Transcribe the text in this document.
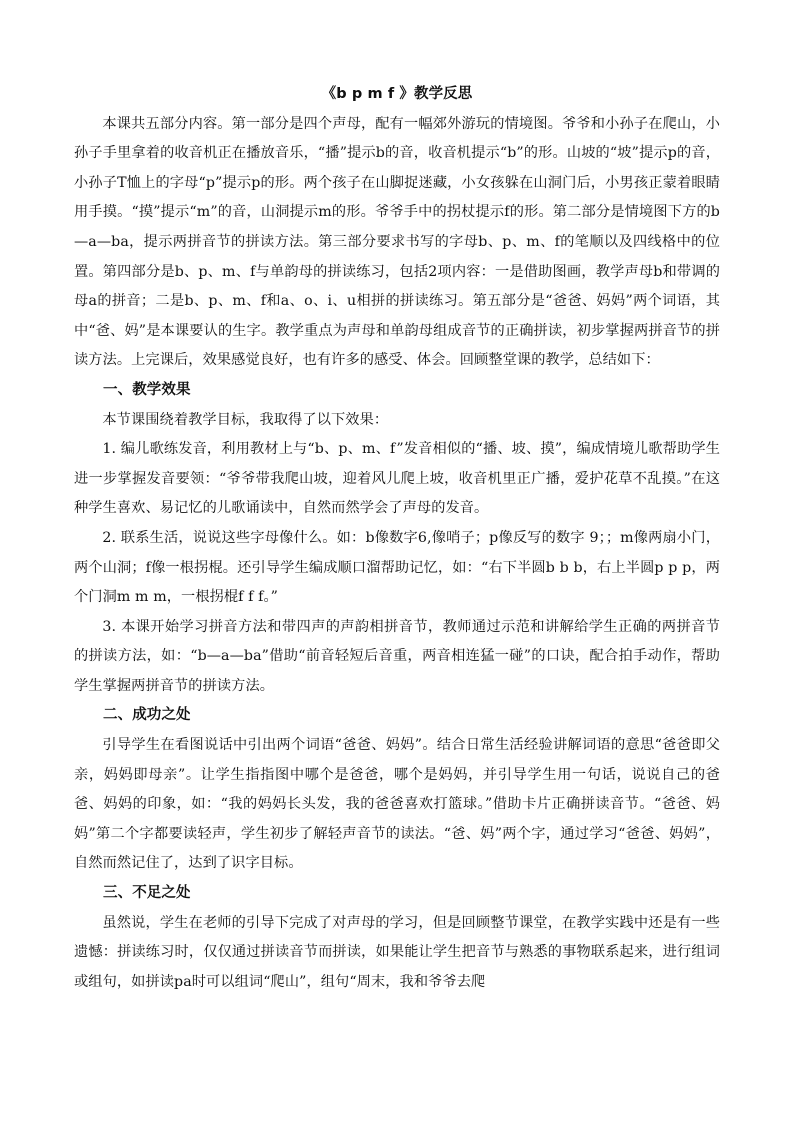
《b p m f 》教学反思

本课共五部分内容。第一部分是四个声母，配有一幅郊外游玩的情境图。爷爷和小孙子在爬山，小孙子手里拿着的收音机正在播放音乐，“播”提示b的音，收音机提示“b”的形。山坡的“坡”提示p的音，小孙子T恤上的字母“p”提示p的形。两个孩子在山脚捉迷藏，小女孩躲在山洞门后，小男孩正蒙着眼睛用手摸。“摸”提示“m”的音，山洞提示m的形。爷爷手中的拐杖提示f的形。第二部分是情境图下方的b—a—ba，提示两拼音节的拼读方法。第三部分要求书写的字母b、p、m、f的笔顺以及四线格中的位置。第四部分是b、p、m、f与单韵母的拼读练习，包括2项内容：一是借助图画，教学声母b和带调的母a的拼音；二是b、p、m、f和a、o、i、u相拼的拼读练习。第五部分是“爸爸、妈妈”两个词语，其中“爸、妈”是本课要认的生字。教学重点为声母和单韵母组成音节的正确拼读，初步掌握两拼音节的拼读方法。上完课后，效果感觉良好，也有许多的感受、体会。回顾整堂课的教学，总结如下：

一、教学效果

本节课围绕着教学目标，我取得了以下效果：

1. 编儿歌练发音，利用教材上与“b、p、m、f”发音相似的“播、坡、摸”，编成情境儿歌帮助学生进一步掌握发音要领：“爷爷带我爬山坡，迎着风儿爬上坡，收音机里正广播，爱护花草不乱摸。”在这种学生喜欢、易记忆的儿歌诵读中，自然而然学会了声母的发音。

2. 联系生活，说说这些字母像什么。如：b像数字6,像哨子；p像反写的数字 9；；m像两扇小门，两个山洞；f像一根拐棍。还引导学生编成顺口溜帮助记忆，如：“右下半圆b b b，右上半圆p p p，两个门洞m m m，一根拐棍f f f。”

3. 本课开始学习拼音方法和带四声的声韵相拼音节，教师通过示范和讲解给学生正确的两拼音节的拼读方法，如：“b—a—ba”借助“前音轻短后音重，两音相连猛一碰”的口诀，配合拍手动作，帮助学生掌握两拼音节的拼读方法。

二、成功之处

引导学生在看图说话中引出两个词语“爸爸、妈妈”。结合日常生活经验讲解词语的意思“爸爸即父亲，妈妈即母亲”。让学生指指图中哪个是爸爸，哪个是妈妈，并引导学生用一句话，说说自己的爸爸、妈妈的印象，如：“我的妈妈长头发，我的爸爸喜欢打篮球。”借助卡片正确拼读音节。“爸爸、妈妈”第二个字都要读轻声，学生初步了解轻声音节的读法。“爸、妈”两个字，通过学习“爸爸、妈妈”，自然而然记住了，达到了识字目标。

三、不足之处

虽然说，学生在老师的引导下完成了对声母的学习，但是回顾整节课堂，在教学实践中还是有一些遗憾：拼读练习时，仅仅通过拼读音节而拼读，如果能让学生把音节与熟悉的事物联系起来，进行组词或组句，如拼读pa时可以组词“爬山”，组句“周末，我和爷爷去爬
